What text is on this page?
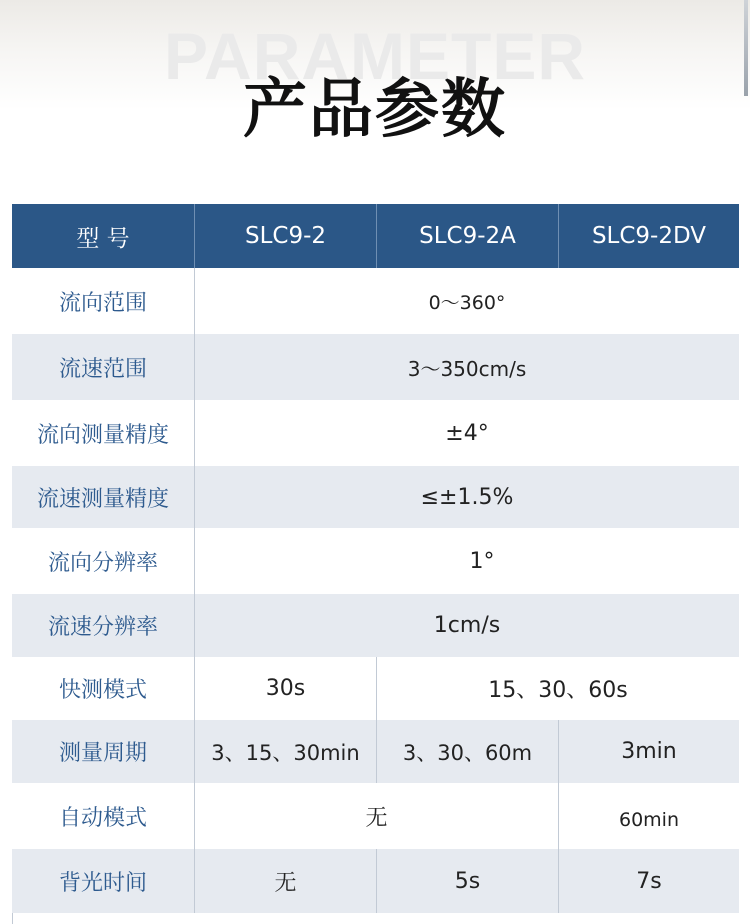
PARAMETER
产品参数
型 号	SLC9-2	SLC9-2A	SLC9-2DV
流向范围	0〜360°
流速范围	3〜350cm/s
流向测量精度	±4°
流速测量精度	≤±1.5%
流向分辨率	1°
流速分辨率	1cm/s
快测模式	30s	15、30、60s
测量周期	3、15、30min	3、30、60m	3min
自动模式	无	60min
背光时间	无	5s	7s
